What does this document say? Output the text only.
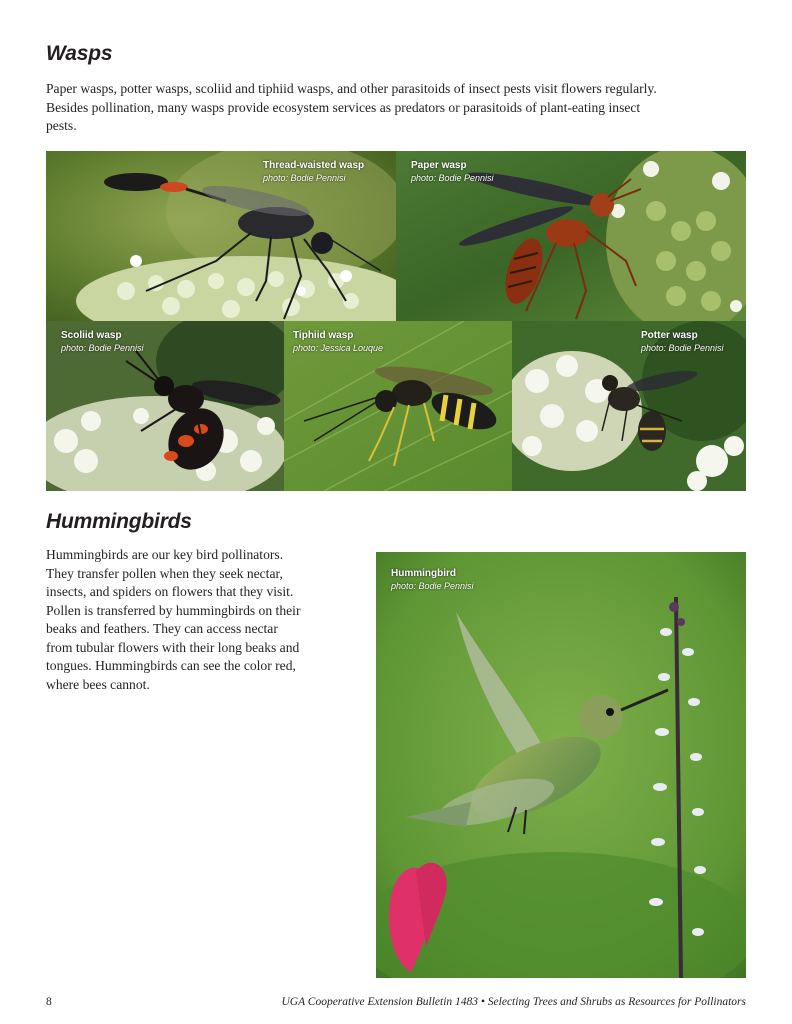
Wasps
Paper wasps, potter wasps, scoliid and tiphiid wasps, and other parasitoids of insect pests visit flowers regularly.
Besides pollination, many wasps provide ecosystem services as predators or parasitoids of plant-eating insect
pests.
Thread-waisted wasp
photo: Bodie Pennisi
Paper wasp
photo: Bodie Pennisi
Scoliid wasp
photo: Bodie Pennisi
Tiphiid wasp
photo: Jessica Louque
Potter wasp
photo: Bodie Pennisi
Hummingbirds
Hummingbirds are our key bird pollinators.
They transfer pollen when they seek nectar,
insects, and spiders on flowers that they visit.
Pollen is transferred by hummingbirds on their
beaks and feathers. They can access nectar
from tubular flowers with their long beaks and
tongues. Hummingbirds can see the color red,
where bees cannot.
Hummingbird
photo: Bodie Pennisi
8	UGA Cooperative Extension Bulletin 1483 • Selecting Trees and Shrubs as Resources for Pollinators
